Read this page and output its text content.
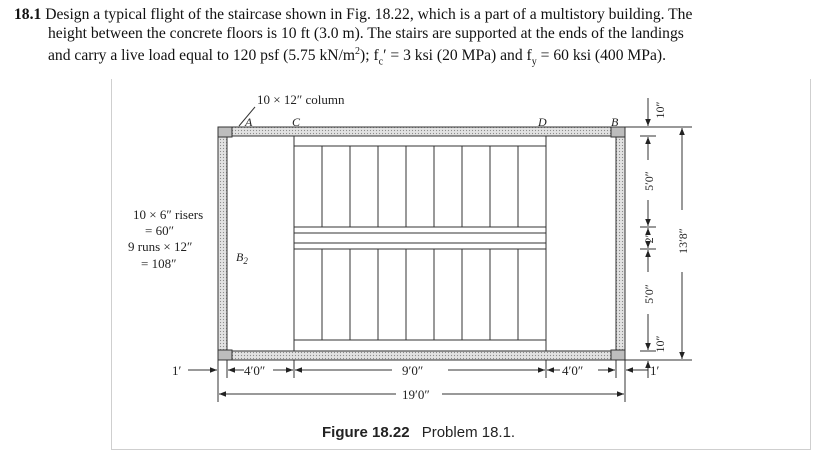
18.1 Design a typical flight of the staircase shown in Fig. 18.22, which is a part of a multistory building. The
height between the concrete floors is 10 ft (3.0 m). The stairs are supported at the ends of the landings
and carry a live load equal to 120 psf (5.75 $kN/m^2$); $f_c' = 3$ ksi (20 MPa) and $f_y = 60$ ksi (400 MPa).
10 × 12″ column
A	C	D	B
$B_2$
10 × 6″ risers
= 60″
9 runs × 12″
= 108″
1′	4′0″	9′0″	4′0″	1′
19′0″
10″
5′0″
2′
5′0″
10″
13′8″
Figure 18.22 Problem 18.1.
